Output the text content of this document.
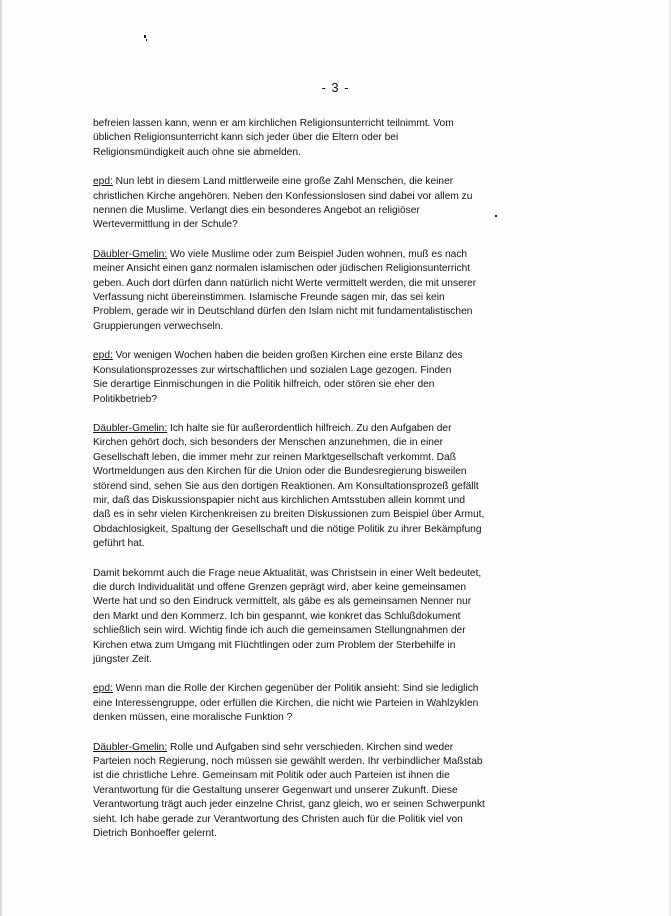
- 3 -

befreien lassen kann, wenn er am kirchlichen Religionsunterricht teilnimmt. Vom
üblichen Religionsunterricht kann sich jeder über die Eltern oder bei
Religionsmündigkeit auch ohne sie abmelden.

epd: Nun lebt in diesem Land mittlerweile eine große Zahl Menschen, die keiner
christlichen Kirche angehören. Neben den Konfessionslosen sind dabei vor allem zu
nennen die Muslime. Verlangt dies ein besonderes Angebot an religiöser
Wertevermittlung in der Schule?

Däubler-Gmelin: Wo viele Muslime oder zum Beispiel Juden wohnen, muß es nach
meiner Ansicht einen ganz normalen islamischen oder jüdischen Religionsunterricht
geben. Auch dort dürfen dann natürlich nicht Werte vermittelt werden, die mit unserer
Verfassung nicht übereinstimmen. Islamische Freunde sagen mir, das sei kein
Problem, gerade wir in Deutschland dürfen den Islam nicht mit fundamentalistischen
Gruppierungen verwechseln.

epd: Vor wenigen Wochen haben die beiden großen Kirchen eine erste Bilanz des
Konsulationsprozesses zur wirtschaftlichen und sozialen Lage gezogen. Finden
Sie derartige Einmischungen in die Politik hilfreich, oder stören sie eher den
Politikbetrieb?

Däubler-Gmelin: Ich halte sie für außerordentlich hilfreich. Zu den Aufgaben der
Kirchen gehört doch, sich besonders der Menschen anzunehmen, die in einer
Gesellschaft leben, die immer mehr zur reinen Marktgesellschaft verkommt. Daß
Wortmeldungen aus den Kirchen für die Union oder die Bundesregierung bisweilen
störend sind, sehen Sie aus den dortigen Reaktionen. Am Konsultationsprozeß gefällt
mir, daß das Diskussionspapier nicht aus kirchlichen Amtsstuben allein kommt und
daß es in sehr vielen Kirchenkreisen zu breiten Diskussionen zum Beispiel über Armut,
Obdachlosigkeit, Spaltung der Gesellschaft und die nötige Politik zu ihrer Bekämpfung
geführt hat.

Damit bekommt auch die Frage neue Aktualität, was Christsein in einer Welt bedeutet,
die durch Individualität und offene Grenzen geprägt wird, aber keine gemeinsamen
Werte hat und so den Eindruck vermittelt, als gäbe es als gemeinsamen Nenner nur
den Markt und den Kommerz. Ich bin gespannt, wie konkret das Schlußdokument
schließlich sein wird. Wichtig finde ich auch die gemeinsamen Stellungnahmen der
Kirchen etwa zum Umgang mit Flüchtlingen oder zum Problem der Sterbehilfe in
jüngster Zeit.

epd: Wenn man die Rolle der Kirchen gegenüber der Politik ansieht: Sind sie lediglich
eine Interessengruppe, oder erfüllen die Kirchen, die nicht wie Parteien in Wahlzyklen
denken müssen, eine moralische Funktion ?

Däubler-Gmelin: Rolle und Aufgaben sind sehr verschieden. Kirchen sind weder
Parteien noch Regierung, noch müssen sie gewählt werden. Ihr verbindlicher Maßstab
ist die christliche Lehre. Gemeinsam mit Politik oder auch Parteien ist ihnen die
Verantwortung für die Gestaltung unserer Gegenwart und unserer Zukunft. Diese
Verantwortung trägt auch jeder einzelne Christ, ganz gleich, wo er seinen Schwerpunkt
sieht. Ich habe gerade zur Verantwortung des Christen auch für die Politik viel von
Dietrich Bonhoeffer gelernt.
